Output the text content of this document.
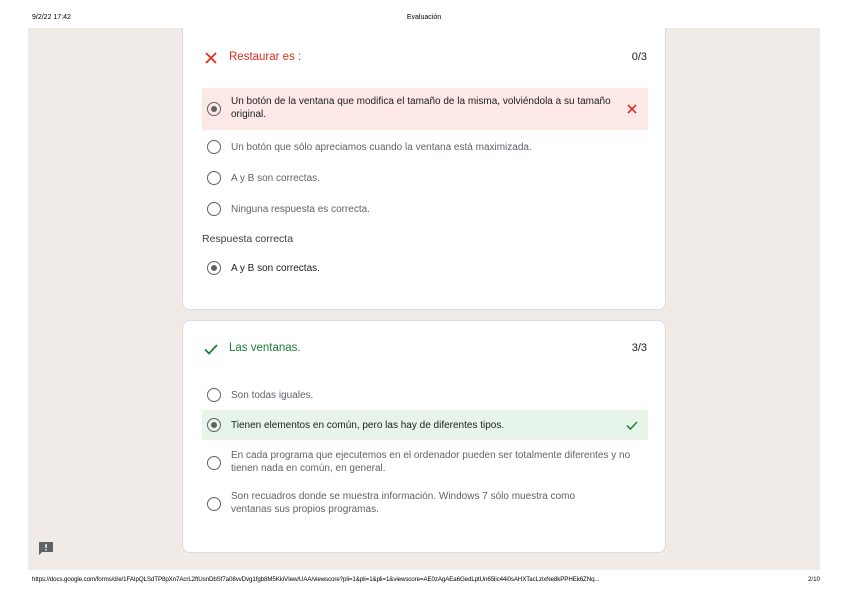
9/2/22 17:42	Evaluación
Restaurar es :	0/3
Un botón de la ventana que modifica el tamaño de la misma, volviéndola a su tamaño original.
Un botón que sólo apreciamos cuando la ventana está maximizada.
A y B son correctas.
Ninguna respuesta es correcta.
Respuesta correcta
A y B son correctas.
Las ventanas.	3/3
Son todas iguales.
Tienen elementos en común, pero las hay de diferentes tipos.
En cada programa que ejecutemos en el ordenador pueden ser totalmente diferentes y no tienen nada en común, en general.
Son recuadros donde se muestra información. Windows 7 sólo muestra como ventanas sus propios programas.
https://docs.google.com/forms/d/e/1FAIpQLSdTP8pXn7AcrL2ftUsnDbSf7a08vvDvg1fgb8M5KkiVIew/UAA/viewscore?pli=1&pli=1&pli=1&viewscore=AE0zAgAEa6GedLptUn65lic44i0sAHXTacLzixNe8kPPHEk6ZNq...	2/10
